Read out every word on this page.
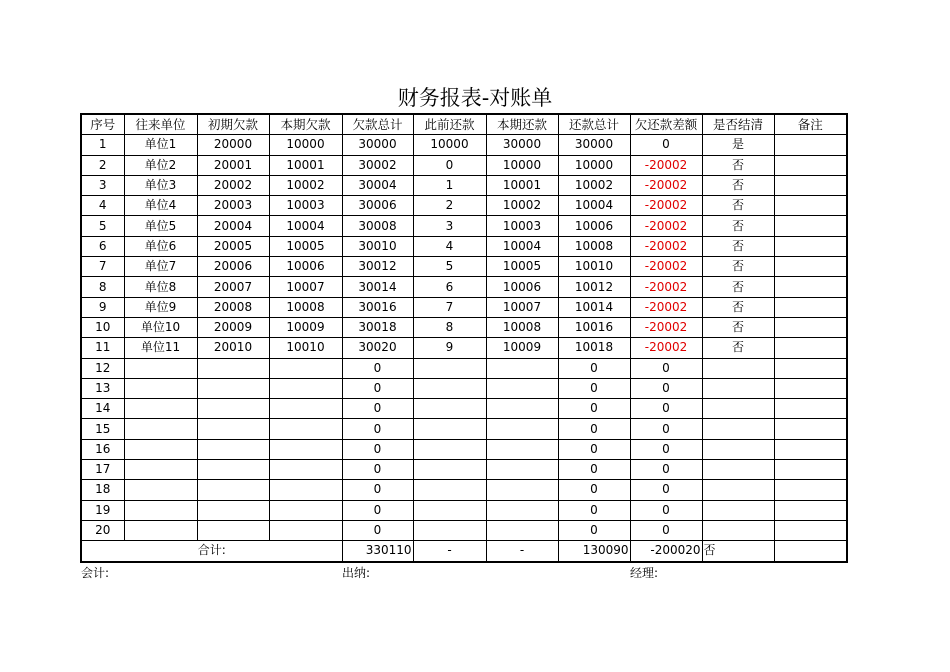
财务报表-对账单
序号	往来单位	初期欠款	本期欠款	欠款总计	此前还款	本期还款	还款总计	欠还款差额	是否结清	备注
1	单位1	20000	10000	30000	10000	30000	30000	0	是	
2	单位2	20001	10001	30002	0	10000	10000	-20002	否	
3	单位3	20002	10002	30004	1	10001	10002	-20002	否	
4	单位4	20003	10003	30006	2	10002	10004	-20002	否	
5	单位5	20004	10004	30008	3	10003	10006	-20002	否	
6	单位6	20005	10005	30010	4	10004	10008	-20002	否	
7	单位7	20006	10006	30012	5	10005	10010	-20002	否	
8	单位8	20007	10007	30014	6	10006	10012	-20002	否	
9	单位9	20008	10008	30016	7	10007	10014	-20002	否	
10	单位10	20009	10009	30018	8	10008	10016	-20002	否	
11	单位11	20010	10010	30020	9	10009	10018	-20002	否	
12				0			0	0		
13				0			0	0		
14				0			0	0		
15				0			0	0		
16				0			0	0		
17				0			0	0		
18				0			0	0		
19				0			0	0		
20				0			0	0		
合计:				330110	-	-	130090	-200020	否	
会计:	出纳:	经理:
